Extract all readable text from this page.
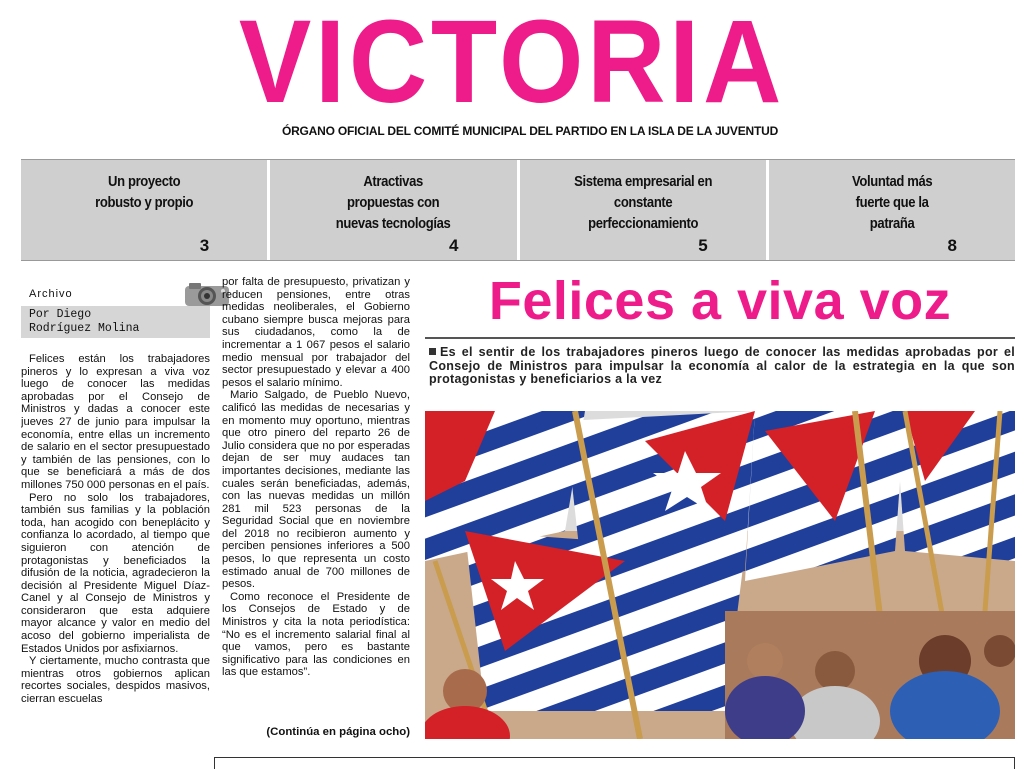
VICTORIA
ÓRGANO OFICIAL DEL COMITÉ MUNICIPAL DEL PARTIDO EN LA ISLA DE LA JUVENTUD
Un proyecto
robusto y propio
3
Atractivas
propuestas con
nuevas tecnologías
4
Sistema empresarial en
constante
perfeccionamiento
5
Voluntad más
fuerte que la
patraña
8
Archivo
Por Diego
Rodríguez Molina

Felices están los trabajadores pineros y lo expresan a viva voz luego de conocer las medidas aprobadas por el Consejo de Ministros y dadas a conocer este jueves 27 de junio para impulsar la economía, entre ellas un incremento de salario en el sector presupuestado y también de las pensiones, con lo que se beneficiará a más de dos millones 750 000 personas en el país.

Pero no solo los trabajadores, también sus familias y la población toda, han acogido con beneplácito y confianza lo acordado, al tiempo que siguieron con atención de protagonistas y beneficiados la difusión de la noticia, agradecieron la decisión al Presidente Miguel Díaz-Canel y al Consejo de Ministros y consideraron que esta adquiere mayor alcance y valor en medio del acoso del gobierno imperialista de Estados Unidos por asfixiarnos.

Y ciertamente, mucho contrasta que mientras otros gobiernos aplican recortes sociales, despidos masivos, cierran escuelas

por falta de presupuesto, privatizan y reducen pensiones, entre otras medidas neoliberales, el Gobierno cubano siempre busca mejoras para sus ciudadanos, como la de incrementar a 1 067 pesos el salario medio mensual por trabajador del sector presupuestado y elevar a 400 pesos el salario mínimo.

Mario Salgado, de Pueblo Nuevo, calificó las medidas de necesarias y en momento muy oportuno, mientras que otro pinero del reparto 26 de Julio considera que no por esperadas dejan de ser muy audaces tan importantes decisiones, mediante las cuales serán beneficiadas, además, con las nuevas medidas un millón 281 mil 523 personas de la Seguridad Social que en noviembre del 2018 no recibieron aumento y perciben pensiones inferiores a 500 pesos, lo que representa un costo estimado anual de 700 millones de pesos.

Como reconoce el Presidente de los Consejos de Estado y de Ministros y cita la nota periodística: “No es el incremento salarial final al que vamos, pero es bastante significativo para las condiciones en las que estamos”.

(Continúa en página ocho)
Felices a viva voz
Es el sentir de los trabajadores pineros luego de conocer las medidas aprobadas por el Consejo de Ministros para impulsar la economía al calor de la estrategia en la que son protagonistas y beneficiarios a la vez
